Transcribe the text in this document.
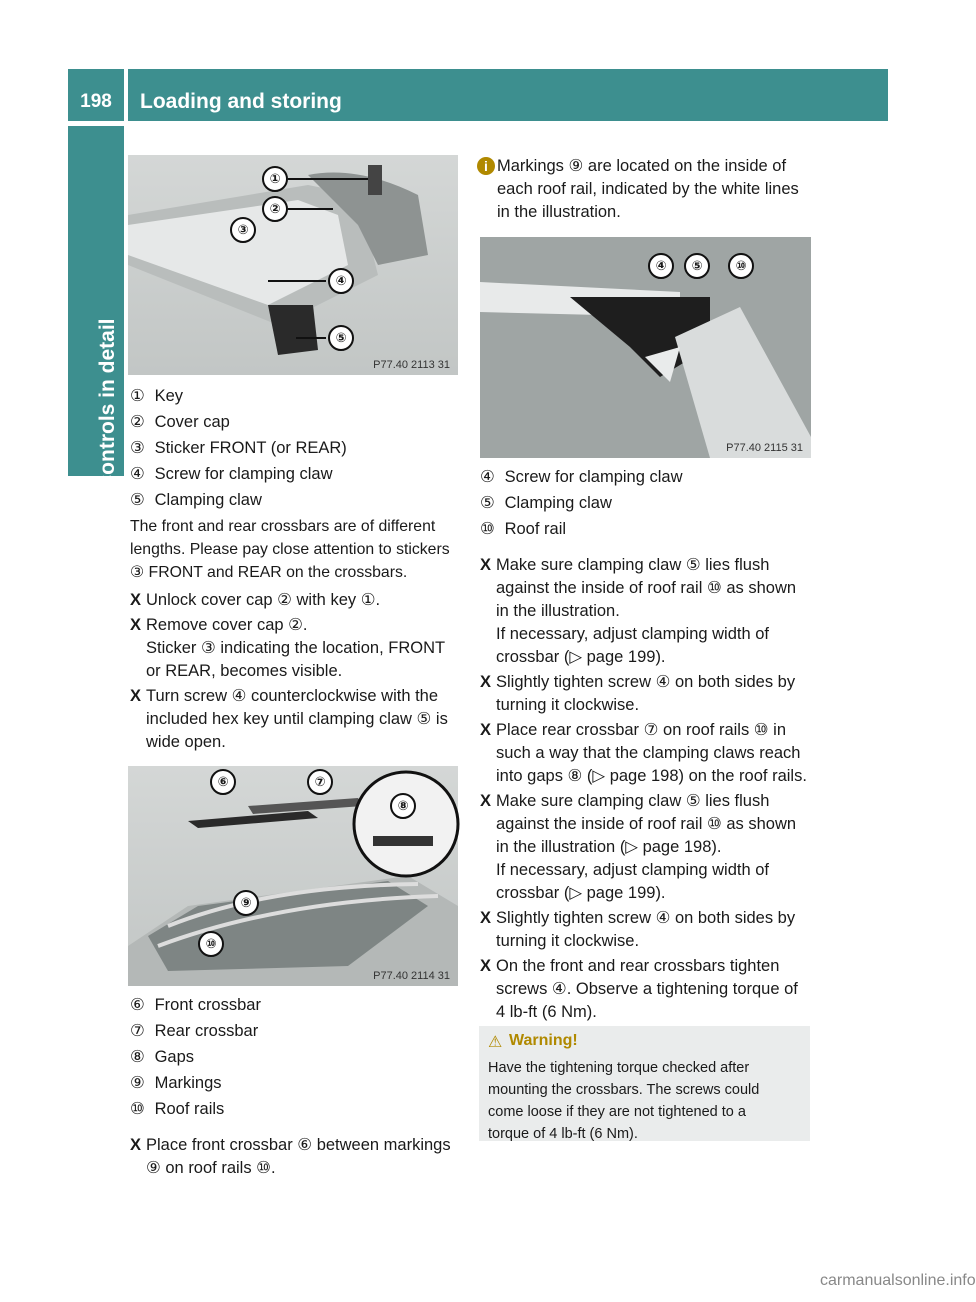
198	Loading and storing
Controls in detail
①
②
③
④
⑤
P77.40 2113 31
① Key
② Cover cap
③ Sticker FRONT (or REAR)
④ Screw for clamping claw
⑤ Clamping claw
The front and rear crossbars are of different
lengths. Please pay close attention to stickers
③ FRONT and REAR on the crossbars.
X Unlock cover cap ② with key ①.
X Remove cover cap ②.
Sticker ③ indicating the location, FRONT
or REAR, becomes visible.
X Turn screw ④ counterclockwise with the
included hex key until clamping claw ⑤ is
wide open.
⑥	⑦
⑧
⑨
⑩
P77.40 2114 31
⑥ Front crossbar
⑦ Rear crossbar
⑧ Gaps
⑨ Markings
⑩ Roof rails
X Place front crossbar ⑥ between markings
⑨ on roof rails ⑩.
i Markings ⑨ are located on the inside of
each roof rail, indicated by the white lines
in the illustration.
④	⑤	⑩
P77.40 2115 31
④ Screw for clamping claw
⑤ Clamping claw
⑩ Roof rail
X Make sure clamping claw ⑤ lies flush
against the inside of roof rail ⑩ as shown
in the illustration.
If necessary, adjust clamping width of
crossbar (▷ page 199).
X Slightly tighten screw ④ on both sides by
turning it clockwise.
X Place rear crossbar ⑦ on roof rails ⑩ in
such a way that the clamping claws reach
into gaps ⑧ (▷ page 198) on the roof rails.
X Make sure clamping claw ⑤ lies flush
against the inside of roof rail ⑩ as shown
in the illustration (▷ page 198).
If necessary, adjust clamping width of
crossbar (▷ page 199).
X Slightly tighten screw ④ on both sides by
turning it clockwise.
X On the front and rear crossbars tighten
screws ④. Observe a tightening torque of
4 lb-ft (6 Nm).
⚠ Warning!
Have the tightening torque checked after
mounting the crossbars. The screws could
come loose if they are not tightened to a
torque of 4 lb-ft (6 Nm).
carmanualsonline.info
